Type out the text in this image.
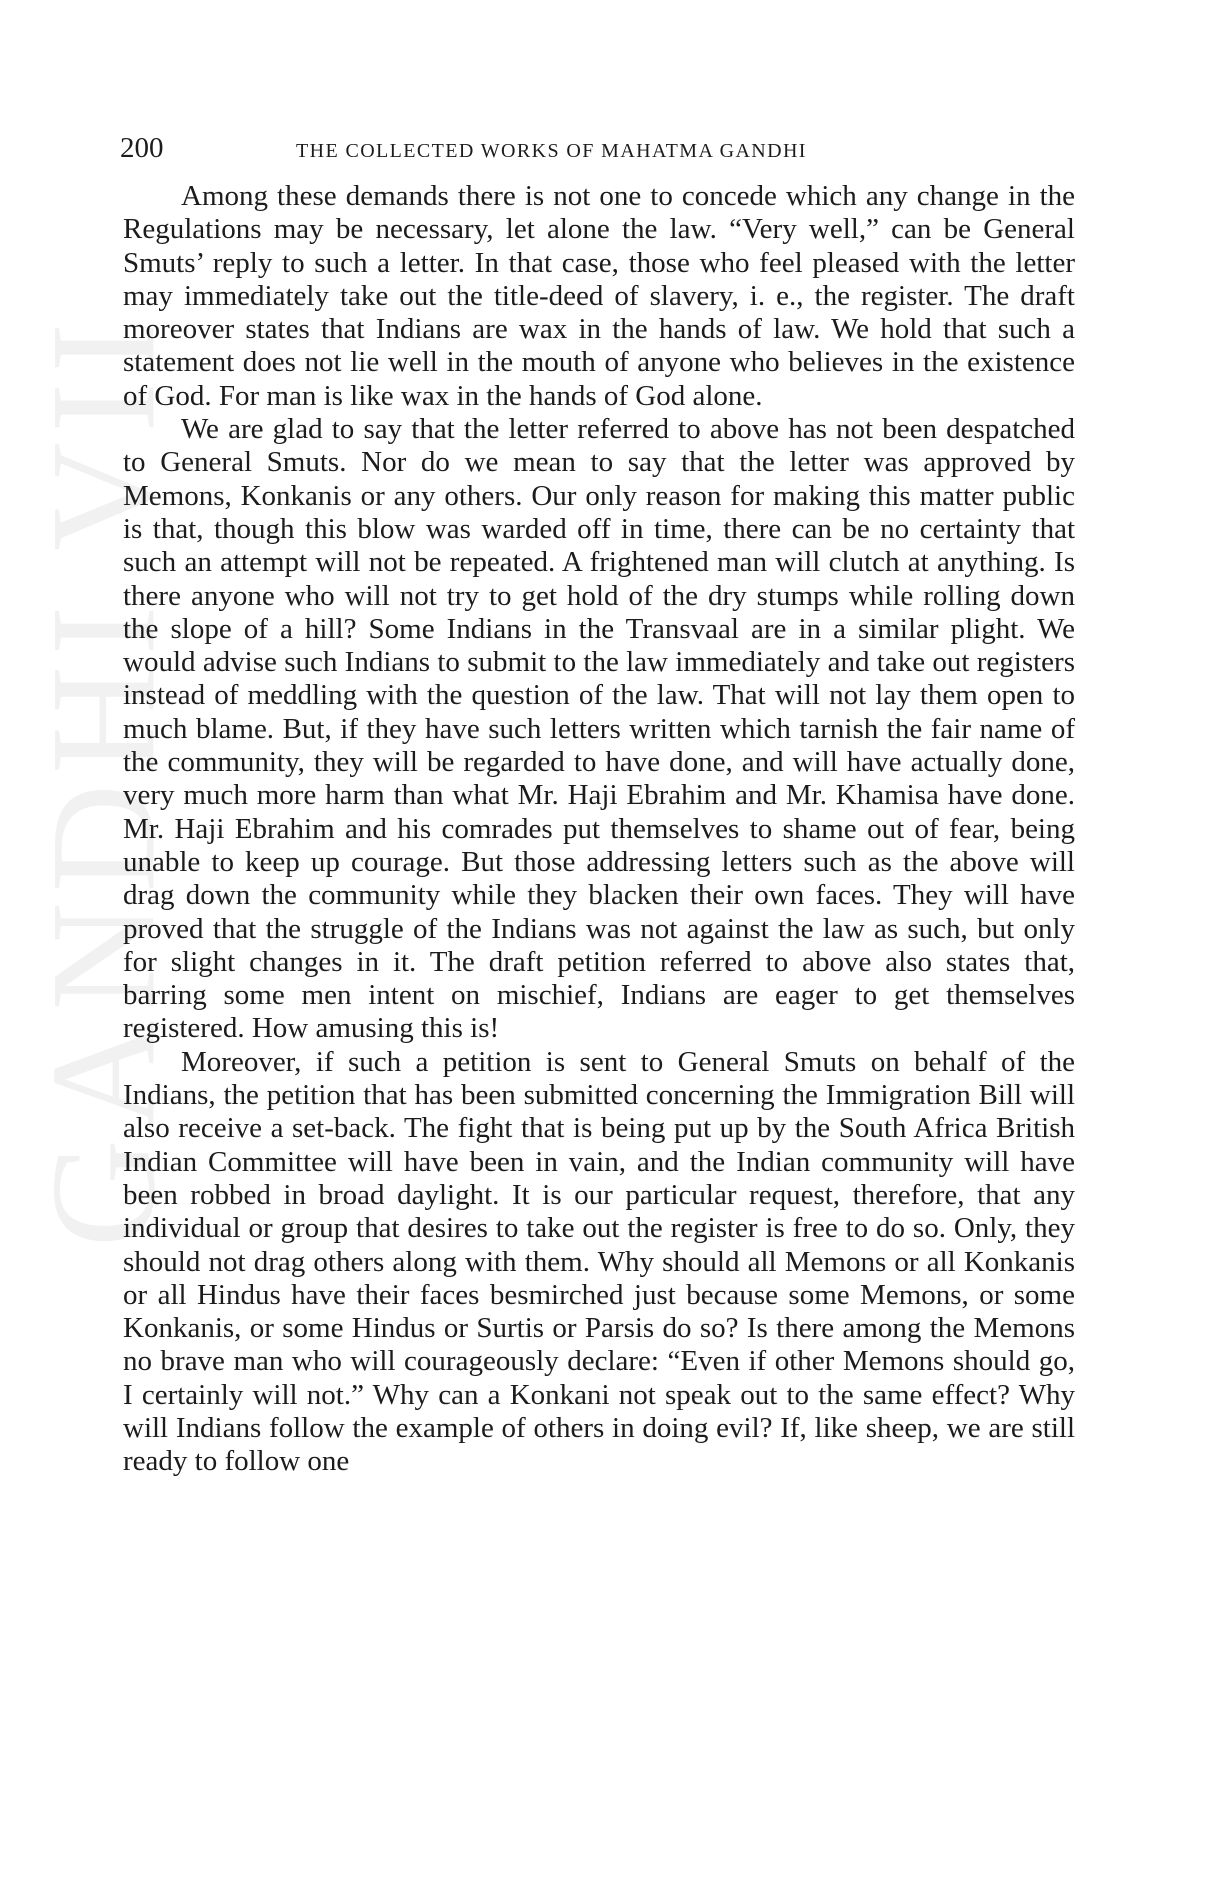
GANDHI VII
200	THE COLLECTED WORKS OF MAHATMA GANDHI

Among these demands there is not one to concede which any change in the Regulations may be necessary, let alone the law. “Very well,” can be General Smuts’ reply to such a letter. In that case, those who feel pleased with the letter may immediately take out the title-deed of slavery, i. e., the register. The draft moreover states that Indians are wax in the hands of law. We hold that such a statement does not lie well in the mouth of anyone who believes in the existence of God. For man is like wax in the hands of God alone.

We are glad to say that the letter referred to above has not been despatched to General Smuts. Nor do we mean to say that the letter was approved by Memons, Konkanis or any others. Our only reason for making this matter public is that, though this blow was warded off in time, there can be no certainty that such an attempt will not be repeated. A frightened man will clutch at anything. Is there anyone who will not try to get hold of the dry stumps while rolling down the slope of a hill? Some Indians in the Transvaal are in a similar plight. We would advise such Indians to submit to the law immediately and take out registers instead of meddling with the question of the law. That will not lay them open to much blame. But, if they have such letters written which tarnish the fair name of the community, they will be regarded to have done, and will have actually done, very much more harm than what Mr. Haji Ebrahim and Mr. Khamisa have done. Mr. Haji Ebrahim and his comrades put themselves to shame out of fear, being unable to keep up courage. But those addressing letters such as the above will drag down the community while they blacken their own faces. They will have proved that the struggle of the Indians was not against the law as such, but only for slight changes in it. The draft petition referred to above also states that, barring some men intent on mischief, Indians are eager to get themselves registered. How amusing this is!

Moreover, if such a petition is sent to General Smuts on behalf of the Indians, the petition that has been submitted concerning the Immigration Bill will also receive a set-back. The fight that is being put up by the South Africa British Indian Committee will have been in vain, and the Indian community will have been robbed in broad daylight. It is our particular request, therefore, that any individual or group that desires to take out the register is free to do so. Only, they should not drag others along with them. Why should all Memons or all Konkanis or all Hindus have their faces besmirched just because some Memons, or some Konkanis, or some Hindus or Surtis or Parsis do so? Is there among the Memons no brave man who will courageously declare: “Even if other Memons should go, I certainly will not.” Why can a Konkani not speak out to the same effect? Why will Indians follow the example of others in doing evil? If, like sheep, we are still ready to follow one
